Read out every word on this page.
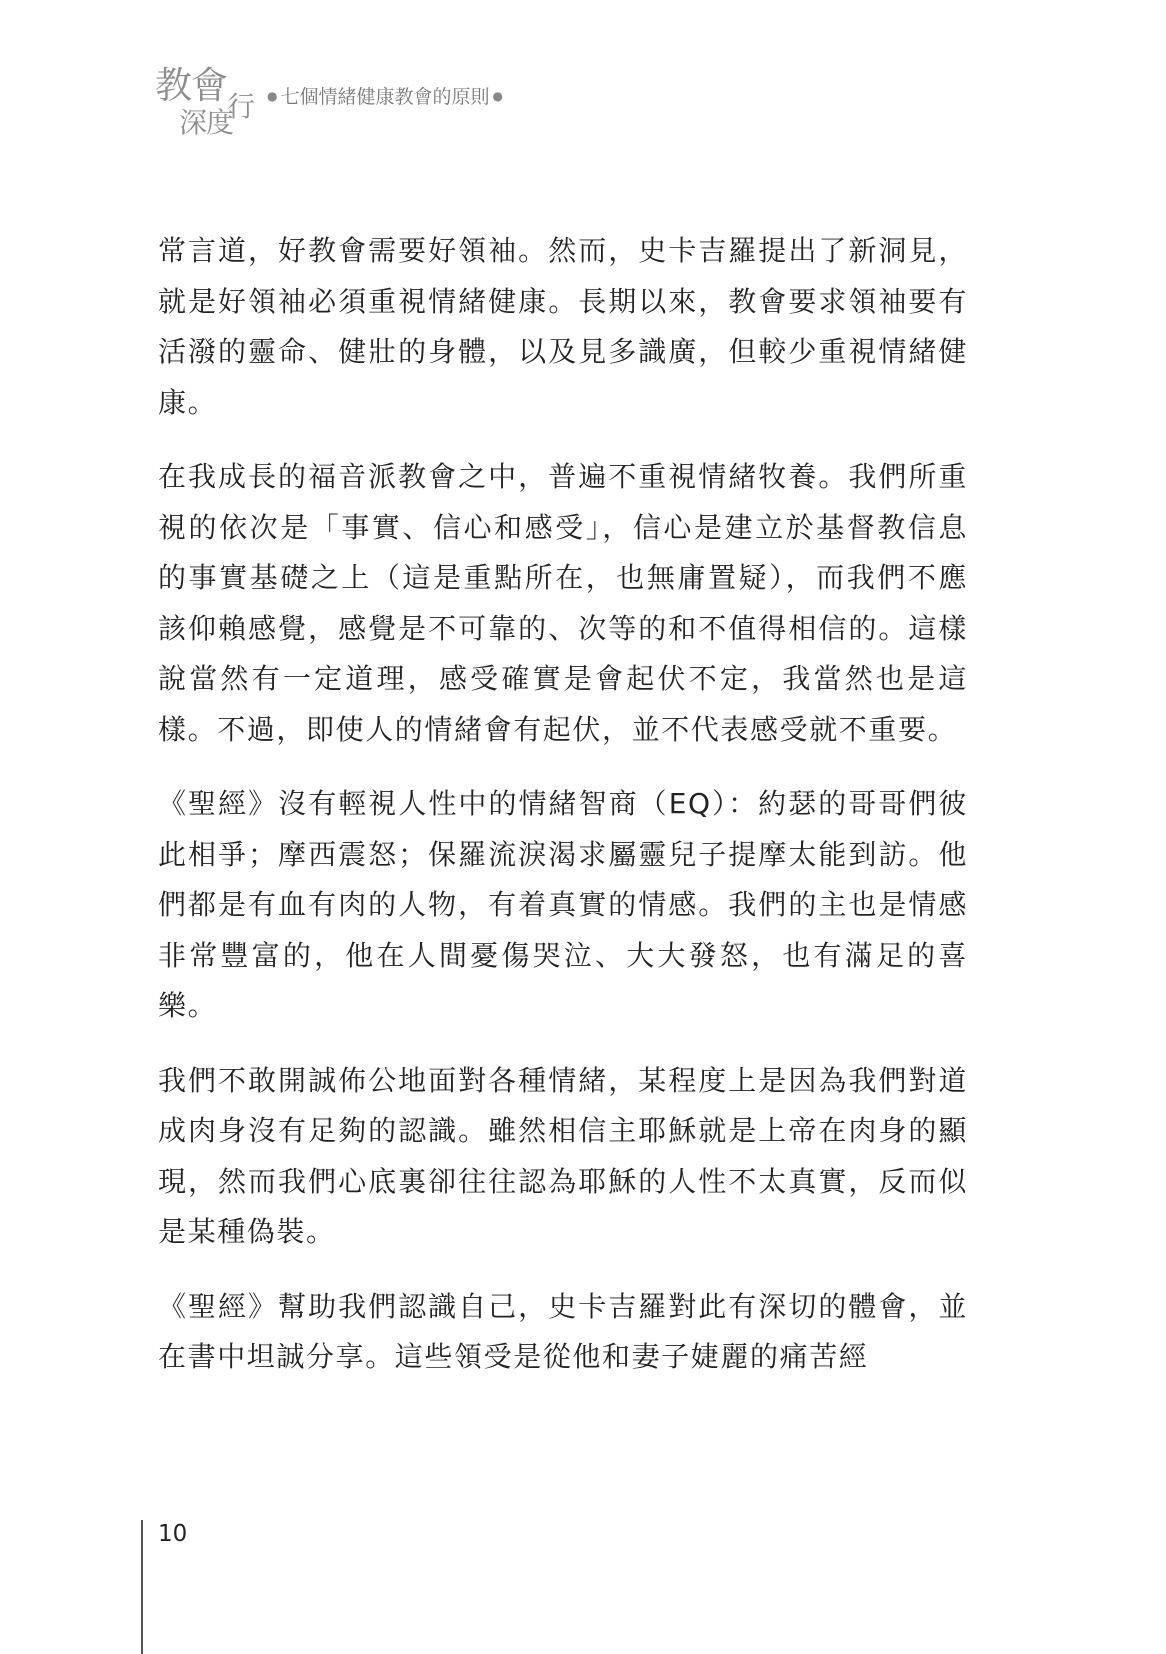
教會
深度
行 ● 七個情緒健康教會的原則 ●

常言道，好教會需要好領袖。然而，史卡吉羅提出了新洞見，就是好領袖必須重視情緒健康。長期以來，教會要求領袖要有活潑的靈命、健壯的身體，以及見多識廣，但較少重視情緒健康。

在我成長的福音派教會之中，普遍不重視情緒牧養。我們所重視的依次是「事實、信心和感受」，信心是建立於基督教信息的事實基礎之上（這是重點所在，也無庸置疑），而我們不應該仰賴感覺，感覺是不可靠的、次等的和不值得相信的。這樣說當然有一定道理，感受確實是會起伏不定，我當然也是這樣。不過，即使人的情緒會有起伏，並不代表感受就不重要。

《聖經》沒有輕視人性中的情緒智商（EQ）：約瑟的哥哥們彼此相爭；摩西震怒；保羅流淚渴求屬靈兒子提摩太能到訪。他們都是有血有肉的人物，有着真實的情感。我們的主也是情感非常豐富的，他在人間憂傷哭泣、大大發怒，也有滿足的喜樂。

我們不敢開誠佈公地面對各種情緒，某程度上是因為我們對道成肉身沒有足夠的認識。雖然相信主耶穌就是上帝在肉身的顯現，然而我們心底裏卻往往認為耶穌的人性不太真實，反而似是某種偽裝。

《聖經》幫助我們認識自己，史卡吉羅對此有深切的體會，並在書中坦誠分享。這些領受是從他和妻子婕麗的痛苦經

10
